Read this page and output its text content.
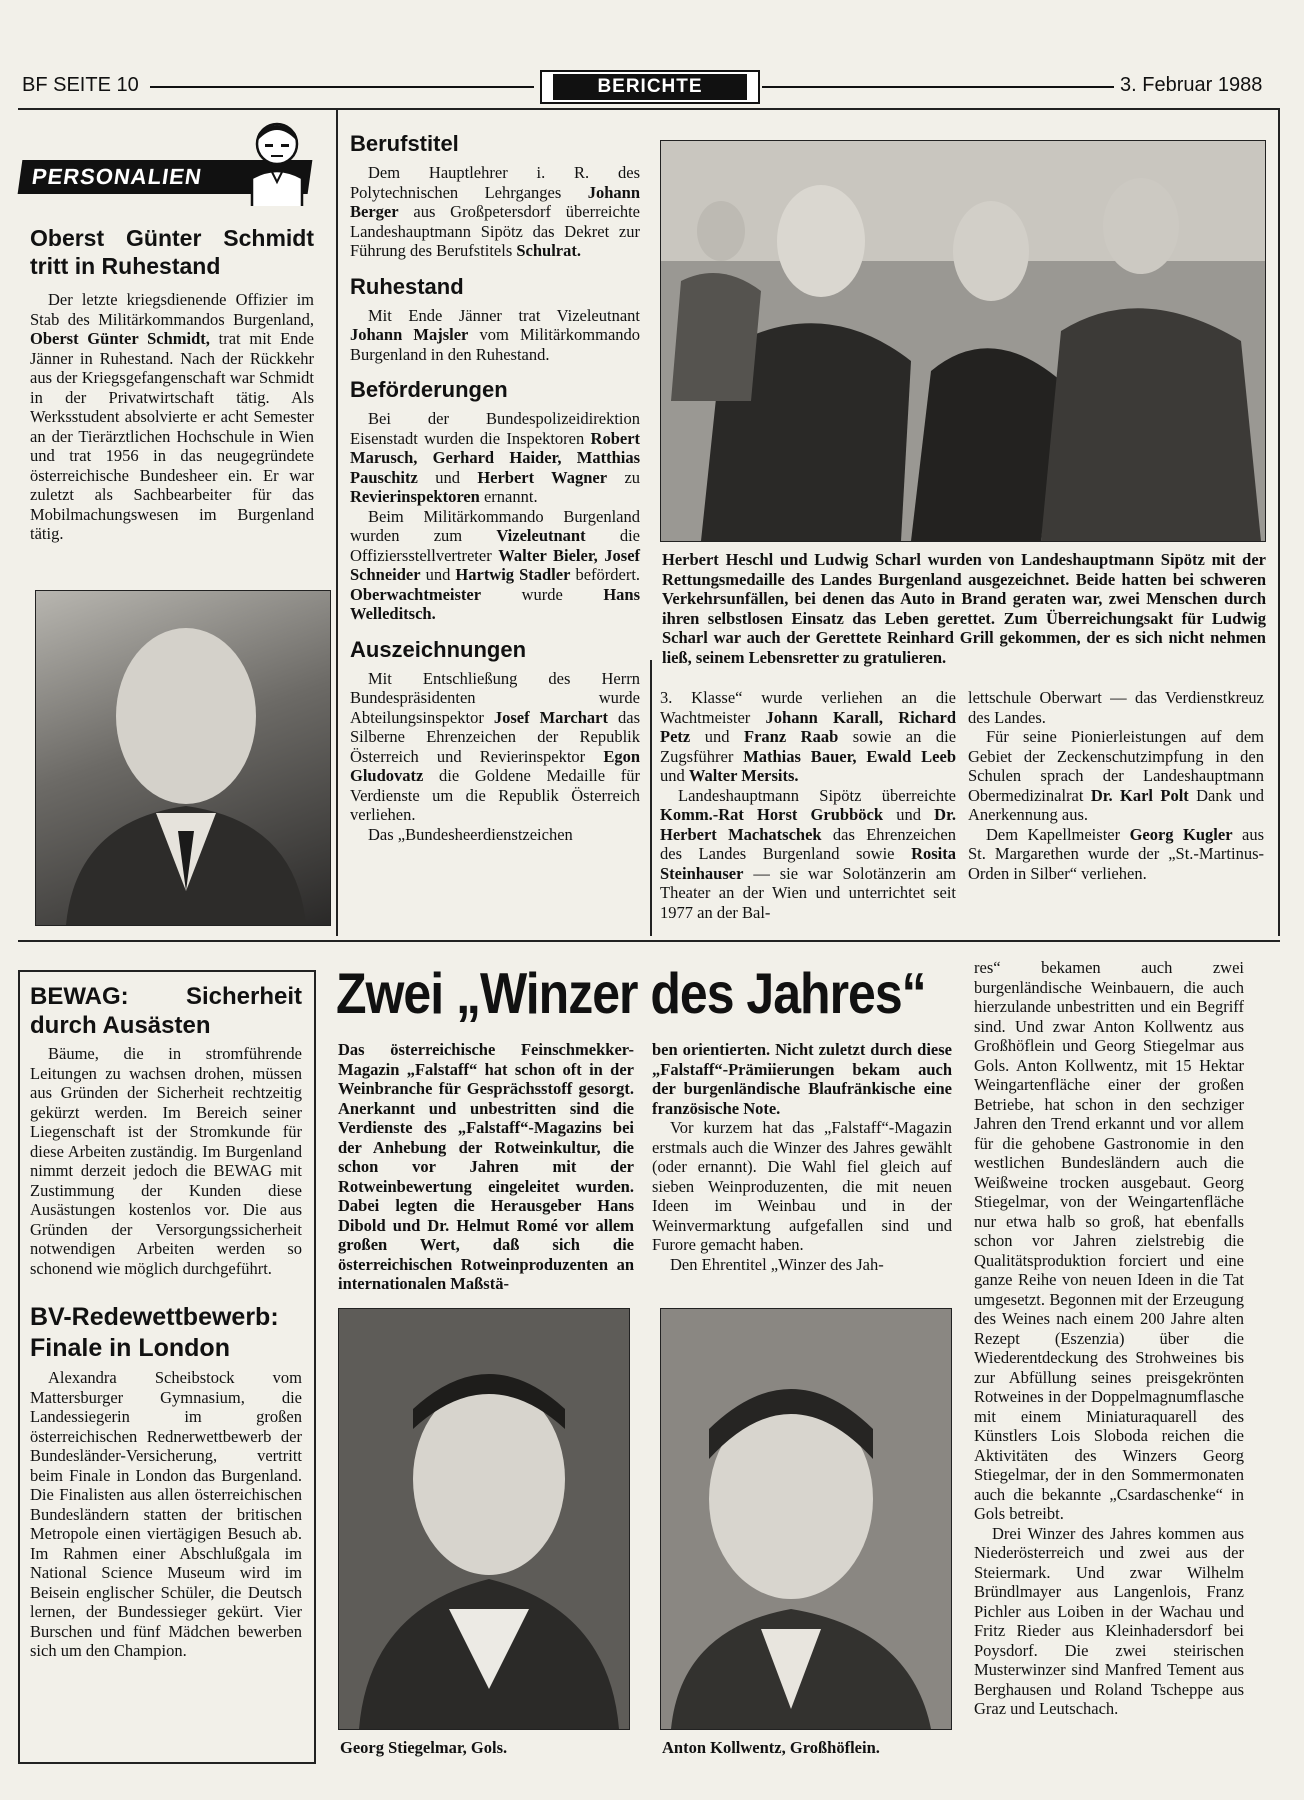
BF SEITE 10	BERICHTE	3. Februar 1988
PERSONALIEN
Oberst Günter Schmidt tritt in Ruhestand

Der letzte kriegsdienende Offizier im Stab des Militärkommandos Burgenland, Oberst Günter Schmidt, trat mit Ende Jänner in Ruhestand. Nach der Rückkehr aus der Kriegsgefangenschaft war Schmidt in der Privatwirtschaft tätig. Als Werksstudent absolvierte er acht Semester an der Tierärztlichen Hochschule in Wien und trat 1956 in das neugegründete österreichische Bundesheer ein. Er war zuletzt als Sachbearbeiter für das Mobilmachungswesen im Burgenland tätig.

Berufstitel

Dem Hauptlehrer i. R. des Polytechnischen Lehrganges Johann Berger aus Großpetersdorf überreichte Landeshauptmann Sipötz das Dekret zur Führung des Berufstitels Schulrat.

Ruhestand

Mit Ende Jänner trat Vizeleutnant Johann Majsler vom Militärkommando Burgenland in den Ruhestand.

Beförderungen

Bei der Bundespolizeidirektion Eisenstadt wurden die Inspektoren Robert Marusch, Gerhard Haider, Matthias Pauschitz und Herbert Wagner zu Revierinspektoren ernannt.

Beim Militärkommando Burgenland wurden zum Vizeleutnant die Offiziersstellvertreter Walter Bieler, Josef Schneider und Hartwig Stadler befördert. Oberwachtmeister wurde Hans Welleditsch.

Auszeichnungen

Mit Entschließung des Herrn Bundespräsidenten wurde Abteilungsinspektor Josef Marchart das Silberne Ehrenzeichen der Republik Österreich und Revierinspektor Egon Gludovatz die Goldene Medaille für Verdienste um die Republik Österreich verliehen.

Das „Bundesheerdienstzeichen

Herbert Heschl und Ludwig Scharl wurden von Landeshauptmann Sipötz mit der Rettungsmedaille des Landes Burgenland ausgezeichnet. Beide hatten bei schweren Verkehrsunfällen, bei denen das Auto in Brand geraten war, zwei Menschen durch ihren selbstlosen Einsatz das Leben gerettet. Zum Überreichungsakt für Ludwig Scharl war auch der Gerettete Reinhard Grill gekommen, der es sich nicht nehmen ließ, seinem Lebensretter zu gratulieren.

3. Klasse“ wurde verliehen an die Wachtmeister Johann Karall, Richard Petz und Franz Raab sowie an die Zugsführer Mathias Bauer, Ewald Leeb und Walter Mersits.

Landeshauptmann Sipötz überreichte Komm.-Rat Horst Grubböck und Dr. Herbert Machatschek das Ehrenzeichen des Landes Burgenland sowie Rosita Steinhauser — sie war Solotänzerin am Theater an der Wien und unterrichtet seit 1977 an der Bal-

lettschule Oberwart — das Verdienstkreuz des Landes.

Für seine Pionierleistungen auf dem Gebiet der Zeckenschutzimpfung in den Schulen sprach der Landeshauptmann Obermedizinalrat Dr. Karl Polt Dank und Anerkennung aus.

Dem Kapellmeister Georg Kugler aus St. Margarethen wurde der „St.-Martinus-Orden in Silber“ verliehen.

BEWAG: Sicherheit durch Ausästen

Bäume, die in stromführende Leitungen zu wachsen drohen, müssen aus Gründen der Sicherheit rechtzeitig gekürzt werden. Im Bereich seiner Liegenschaft ist der Stromkunde für diese Arbeiten zuständig. Im Burgenland nimmt derzeit jedoch die BEWAG mit Zustimmung der Kunden diese Ausästungen kostenlos vor. Die aus Gründen der Versorgungssicherheit notwendigen Arbeiten werden so schonend wie möglich durchgeführt.

BV-Redewettbewerb: Finale in London

Alexandra Scheibstock vom Mattersburger Gymnasium, die Landessiegerin im großen österreichischen Rednerwettbewerb der Bundesländer-Versicherung, vertritt beim Finale in London das Burgenland. Die Finalisten aus allen österreichischen Bundesländern statten der britischen Metropole einen viertägigen Besuch ab. Im Rahmen einer Abschlußgala im National Science Museum wird im Beisein englischer Schüler, die Deutsch lernen, der Bundessieger gekürt. Vier Burschen und fünf Mädchen bewerben sich um den Champion.

Zwei „Winzer des Jahres“
Das österreichische Feinschmekker-Magazin „Falstaff“ hat schon oft in der Weinbranche für Gesprächsstoff gesorgt. Anerkannt und unbestritten sind die Verdienste des „Falstaff“-Magazins bei der Anhebung der Rotweinkultur, die schon vor Jahren mit der Rotweinbewertung eingeleitet wurden. Dabei legten die Herausgeber Hans Dibold und Dr. Helmut Romé vor allem großen Wert, daß sich die österreichischen Rotweinproduzenten an internationalen Maßstä-

ben orientierten. Nicht zuletzt durch diese „Falstaff“-Prämiierungen bekam auch der burgenländische Blaufränkische eine französische Note.

Vor kurzem hat das „Falstaff“-Magazin erstmals auch die Winzer des Jahres gewählt (oder ernannt). Die Wahl fiel gleich auf sieben Weinproduzenten, die mit neuen Ideen im Weinbau und in der Weinvermarktung aufgefallen sind und Furore gemacht haben.

Den Ehrentitel „Winzer des Jah-

res“ bekamen auch zwei burgenländische Weinbauern, die auch hierzulande unbestritten und ein Begriff sind. Und zwar Anton Kollwentz aus Großhöflein und Georg Stiegelmar aus Gols. Anton Kollwentz, mit 15 Hektar Weingartenfläche einer der großen Betriebe, hat schon in den sechziger Jahren den Trend erkannt und vor allem für die gehobene Gastronomie in den westlichen Bundesländern auch die Weißweine trocken ausgebaut. Georg Stiegelmar, von der Weingartenfläche nur etwa halb so groß, hat ebenfalls schon vor Jahren zielstrebig die Qualitätsproduktion forciert und eine ganze Reihe von neuen Ideen in die Tat umgesetzt. Begonnen mit der Erzeugung des Weines nach einem 200 Jahre alten Rezept (Eszenzia) über die Wiederentdeckung des Strohweines bis zur Abfüllung seines preisgekrönten Rotweines in der Doppelmagnumflasche mit einem Miniaturaquarell des Künstlers Lois Sloboda reichen die Aktivitäten des Winzers Georg Stiegelmar, der in den Sommermonaten auch die bekannte „Csardaschenke“ in Gols betreibt.

Drei Winzer des Jahres kommen aus Niederösterreich und zwei aus der Steiermark. Und zwar Wilhelm Bründlmayer aus Langenlois, Franz Pichler aus Loiben in der Wachau und Fritz Rieder aus Kleinhadersdorf bei Poysdorf. Die zwei steirischen Musterwinzer sind Manfred Tement aus Berghausen und Roland Tscheppe aus Graz und Leutschach.

Georg Stiegelmar, Gols.	Anton Kollwentz, Großhöflein.
